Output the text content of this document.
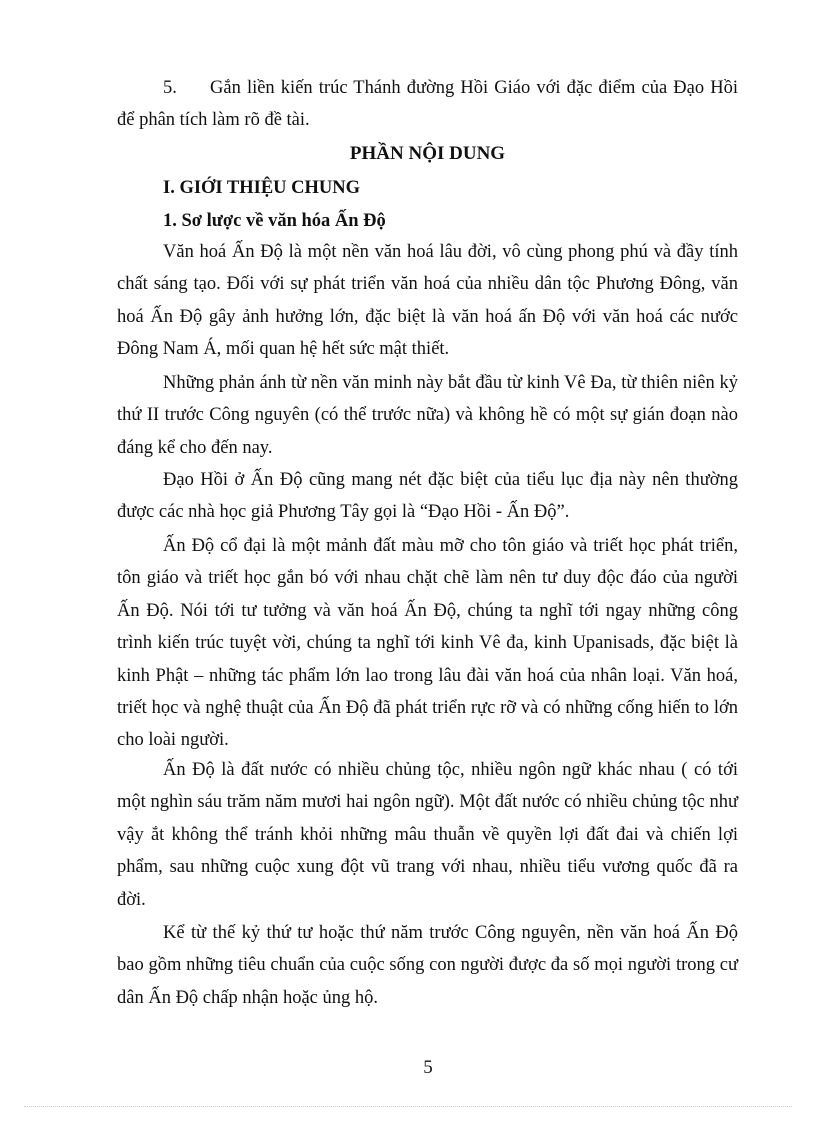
5. Gắn liền kiến trúc Thánh đường Hồi Giáo với đặc điểm của Đạo Hồi để phân tích làm rõ đề tài.

PHẦN NỘI DUNG
I. GIỚI THIỆU CHUNG
1. Sơ lược về văn hóa Ấn Độ

Văn hoá Ấn Độ là một nền văn hoá lâu đời, vô cùng phong phú và đầy tính chất sáng tạo. Đối với sự phát triển văn hoá của nhiều dân tộc Phương Đông, văn hoá Ấn Độ gây ảnh hưởng lớn, đặc biệt là văn hoá ấn Độ với văn hoá các nước Đông Nam Á, mối quan hệ hết sức mật thiết.

Những phản ánh từ nền văn minh này bắt đầu từ kinh Vê Đa, từ thiên niên kỷ thứ II trước Công nguyên (có thể trước nữa) và không hề có một sự gián đoạn nào đáng kể cho đến nay.

Đạo Hồi ở Ấn Độ cũng mang nét đặc biệt của tiểu lục địa này nên thường được các nhà học giả Phương Tây gọi là “Đạo Hồi - Ấn Độ”.

Ấn Độ cổ đại là một mảnh đất màu mỡ cho tôn giáo và triết học phát triển, tôn giáo và triết học gắn bó với nhau chặt chẽ làm nên tư duy độc đáo của người Ấn Độ. Nói tới tư tưởng và văn hoá Ấn Độ, chúng ta nghĩ tới ngay những công trình kiến trúc tuyệt vời, chúng ta nghĩ tới kinh Vê đa, kinh Upanisads, đặc biệt là kinh Phật – những tác phẩm lớn lao trong lâu đài văn hoá của nhân loại. Văn hoá, triết học và nghệ thuật của Ấn Độ đã phát triển rực rỡ và có những cống hiến to lớn cho loài người.

Ấn Độ là đất nước có nhiều chủng tộc, nhiều ngôn ngữ khác nhau ( có tới một nghìn sáu trăm năm mươi hai ngôn ngữ). Một đất nước có nhiều chủng tộc như vậy ắt không thể tránh khỏi những mâu thuẫn về quyền lợi đất đai và chiến lợi phẩm, sau những cuộc xung đột vũ trang với nhau, nhiều tiểu vương quốc đã ra đời.

Kể từ thế kỷ thứ tư hoặc thứ năm trước Công nguyên, nền văn hoá Ấn Độ bao gồm những tiêu chuẩn của cuộc sống con người được đa số mọi người trong cư dân Ấn Độ chấp nhận hoặc ủng hộ.

5
